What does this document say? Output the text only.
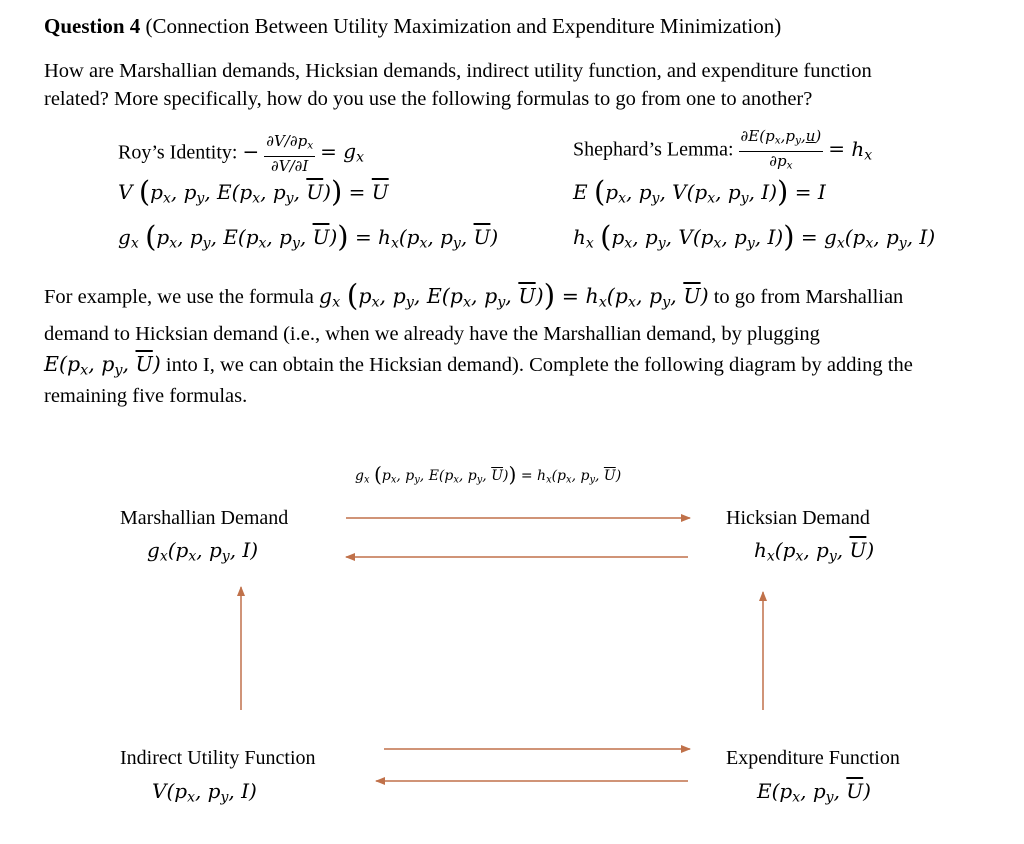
Question 4 (Connection Between Utility Maximization and Expenditure Minimization)
How are Marshallian demands, Hicksian demands, indirect utility function, and expenditure function
related? More specifically, how do you use the following formulas to go from one to another?
Roy’s Identity: − $\frac{\partial V/\partial p_x}{\partial V/\partial I} = g_x$	Shephard’s Lemma: $\frac{\partial E(p_x,p_y,u)}{\partial p_x} = h_x$
V ($p_x$, $p_y$, $E(p_x$, $p_y$, $\overline{U})) = \overline{U}$
$g_x$ ($p_x$, $p_y$, $E(p_x$, $p_y$, $\overline{U})) = h_x(p_x$, $p_y$, $\overline{U}$)
E ($p_x$, $p_y$, $V(p_x$, $p_y$, I)) = I
$h_x$ ($p_x$, $p_y$, $V(p_x$, $p_y$, $I)) = g_x(p_x$, $p_y$, I)
For example, we use the formula $g_x$ ($p_x$, $p_y$, $E(p_x$, $p_y$, $\overline{U})) = h_x(p_x$, $p_y$, $\overline{U}$) to go from Marshallian
demand to Hicksian demand (i.e., when we already have the Marshallian demand, by plugging
$E(p_x$, $p_y$, $\overline{U}$) into I, we can obtain the Hicksian demand). Complete the following diagram by adding the
remaining five formulas.
$g_x$ ($p_x$, $p_y$, $E(p_x$, $p_y$, $\overline{U})) = h_x(p_x$, $p_y$, $\overline{U}$)
Marshallian Demand
$g_x(p_x$, $p_y$, I)
Hicksian Demand
$h_x(p_x$, $p_y$, $\overline{U}$)
Indirect Utility Function
$V(p_x$, $p_y$, I)
Expenditure Function
$E(p_x$, $p_y$, $\overline{U}$)
